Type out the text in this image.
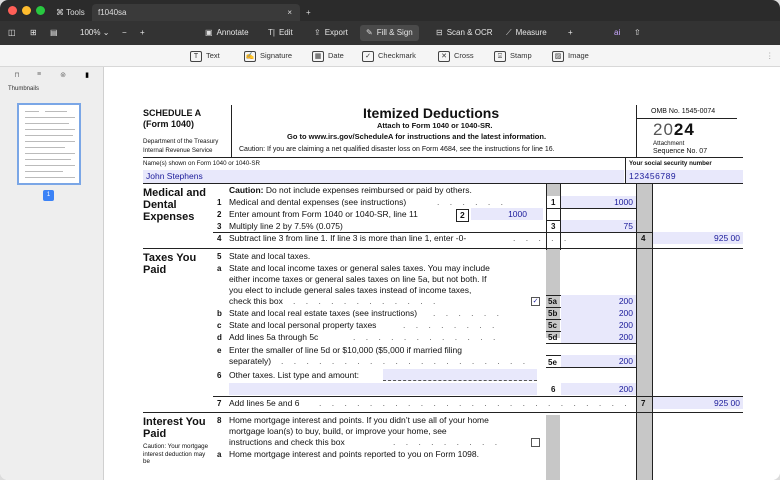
⌘ Tools	f1040sa	× +
◫ ⊞ ▤	100% ⌄ − +	▣ Annotate T| Edit	⇪ Export	✎ Fill & Sign	⊟ Scan & OCR ⟋ Measure	+	ai ⇧
T Text	✍ Signature	▦ Date	✓ Checkmark	✕ Cross	⍓ Stamp	▨ Image	⋮
⊓	≡	⊚	▮
Thumbnails
1
SCHEDULE A
(Form 1040)
Department of the Treasury
Internal Revenue Service
Itemized Deductions
Attach to Form 1040 or 1040-SR.
Go to www.irs.gov/ScheduleA for instructions and the latest information.
Caution: If you are claiming a net qualified disaster loss on Form 4684, see the instructions for line 16.
OMB No. 1545-0074
2024
Attachment
Sequence No. 07
Name(s) shown on Form 1040 or 1040-SR	Your social security number
John Stephens	123456789
Medical and Dental Expenses
Caution: Do not include expenses reimbursed or paid by others.
1 Medical and dental expenses (see instructions)	. . . . . .	1	1000
2 Enter amount from Form 1040 or 1040-SR, line 11	2	1000
3 Multiply line 2 by 7.5% (0.075)	3	75
4 Subtract line 3 from line 1. If line 3 is more than line 1, enter -0-	. . . . .	4	925 00
Taxes You Paid
5 State and local taxes.
a State and local income taxes or general sales taxes. You may include
either income taxes or general sales taxes on line 5a, but not both. If
you elect to include general sales taxes instead of income taxes,
check this box . . . . . . . . . . . .	✓ 5a	200
b State and local real estate taxes (see instructions) . . . . . .	5b	200
c State and local personal property taxes	. . . . . . . .	5c	200
d Add lines 5a through 5c	. . . . . . . . . . . .	5d	200
e Enter the smaller of line 5d or $10,000 ($5,000 if married filing
separately) . . . . . . . . . . . . . . . . . . . . 5e	200
6 Other taxes. List type and amount:
6	200
7 Add lines 5e and 6 . . . . . . . . . . . . . . . . . . . . . . . . . 7	925 00
Interest You Paid
Caution: Your mortgage interest deduction may be
8 Home mortgage interest and points. If you didn’t use all of your home
mortgage loan(s) to buy, build, or improve your home, see
instructions and check this box	. . . . . . . . .
a Home mortgage interest and points reported to you on Form 1098.
